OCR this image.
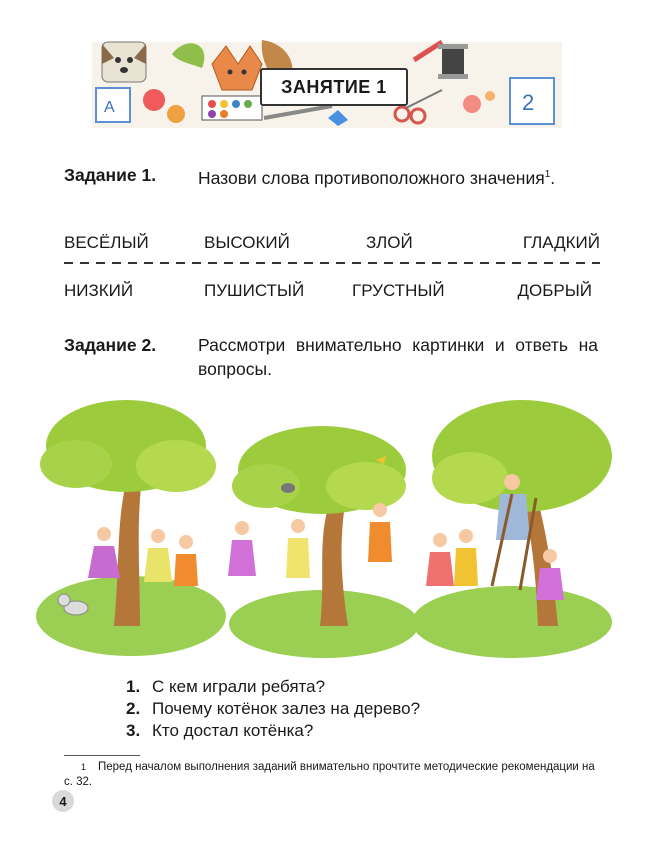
А	2
ЗАНЯТИЕ 1
Задание 1. Назови слова противоположного значения$^1$.
ВЕСЁЛЫЙ	ВЫСОКИЙ	ЗЛОЙ	ГЛАДКИЙ
НИЗКИЙ	ПУШИСТЫЙ	ГРУСТНЫЙ	ДОБРЫЙ
Задание 2. Рассмотри внимательно картинки и ответь на вопросы.
1. С кем играли ребята?
2. Почему котёнок залез на дерево?
3. Кто достал котёнка?
1 Перед началом выполнения заданий внимательно прочтите методические рекомендации на с. 32.
4
